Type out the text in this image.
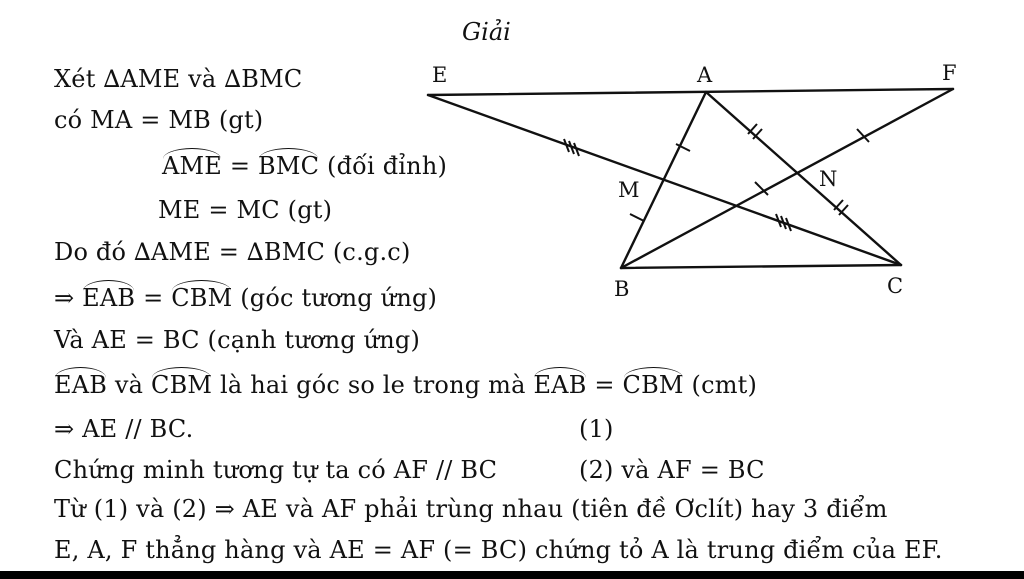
Giải
E	A	F
M	N
B	C
Xét ∆AME và ∆BMC
có MA = MB (gt)
AME = BMC (đối đỉnh)
ME = MC (gt)
Do đó ∆AME = ∆BMC (c.g.c)
⇒ EAB = CBM (góc tương ứng)
Và AE = BC (cạnh tương ứng)
EAB và CBM là hai góc so le trong mà EAB = CBM (cmt)
⇒ AE // BC.	(1)
Chứng minh tương tự ta có AF // BC	(2) và AF = BC
Từ (1) và (2) ⇒ AE và AF phải trùng nhau (tiên đề Ơclít) hay 3 điểm
E, A, F thẳng hàng và AE = AF (= BC) chứng tỏ A là trung điểm của EF.
